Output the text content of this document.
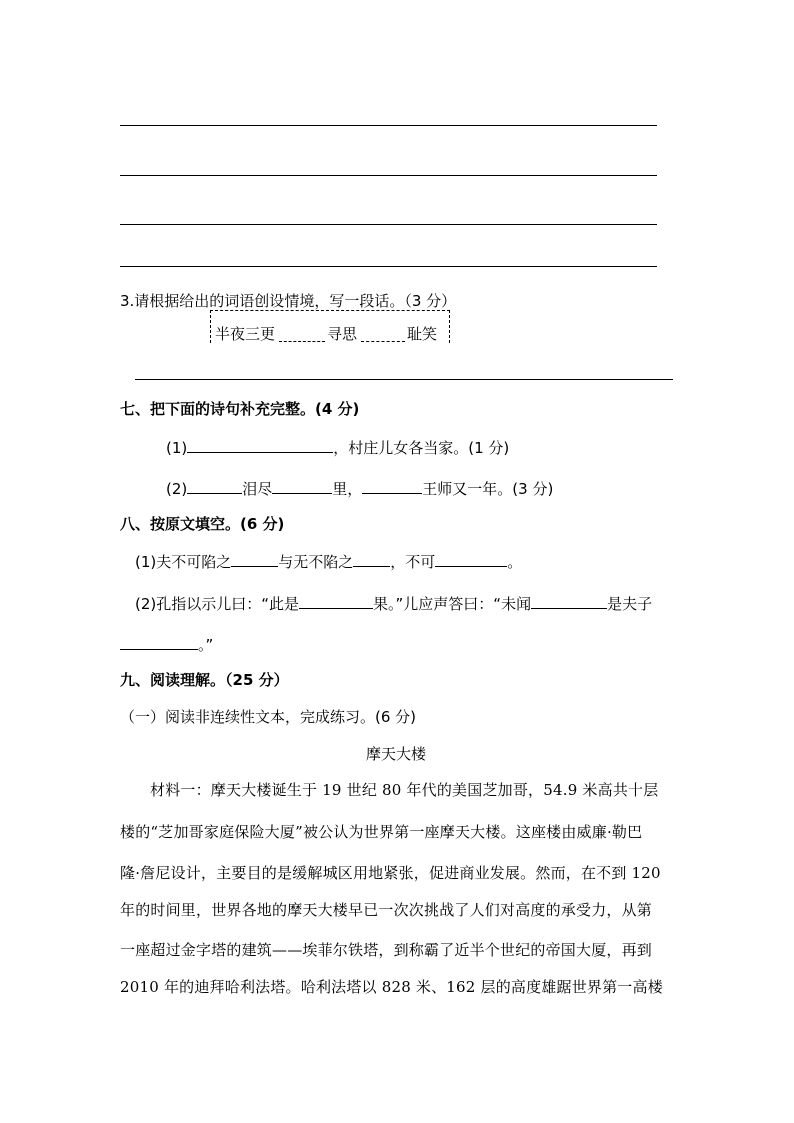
3.请根据给出的词语创设情境，写一段话。（3 分）
半夜三更	寻思	耻笑
七、把下面的诗句补充完整。(4 分)
(1)	，村庄儿女各当家。(1 分)
(2)	泪尽	里，	王师又一年。(3 分)
八、按原文填空。(6 分)
(1)夫不可陷之	与无不陷之 ，不可	。
(2)孔指以示儿曰：“此是	果。”儿应声答曰：“未闻	是夫子
。”
九、阅读理解。（25 分）
（一）阅读非连续性文本，完成练习。(6 分)
摩天大楼
材料一：摩天大楼诞生于 19 世纪 80 年代的美国芝加哥，54.9 米高共十层
楼的“芝加哥家庭保险大厦”被公认为世界第一座摩天大楼。这座楼由威廉·勒巴
隆·詹尼设计，主要目的是缓解城区用地紧张，促进商业发展。然而，在不到 120
年的时间里，世界各地的摩天大楼早已一次次挑战了人们对高度的承受力，从第
一座超过金字塔的建筑——埃菲尔铁塔，到称霸了近半个世纪的帝国大厦，再到
2010 年的迪拜哈利法塔。哈利法塔以 828 米、162 层的高度雄踞世界第一高楼
